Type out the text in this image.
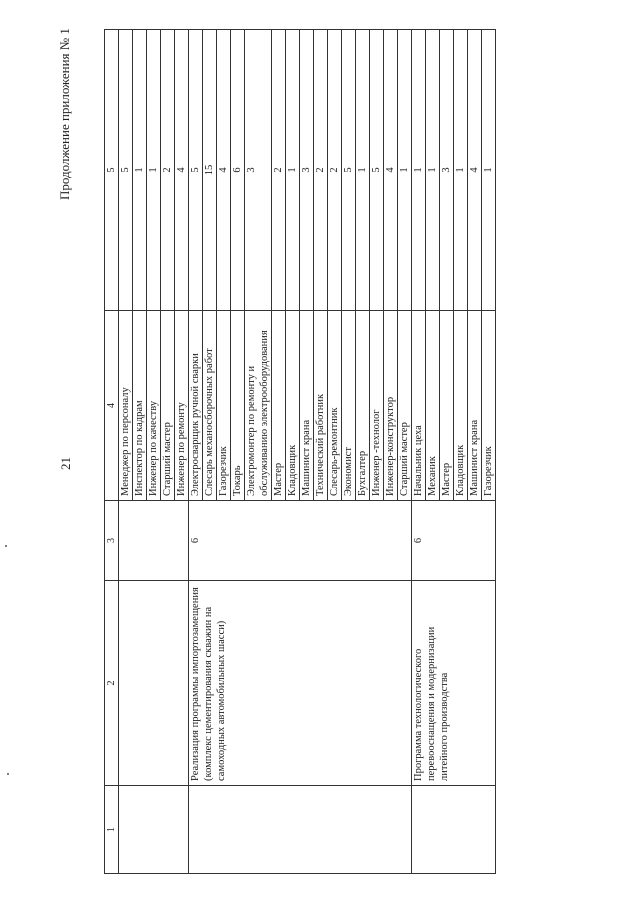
21
Продолжение приложения № 1
1	2	3	4	5
			Менеджер по персоналу	5
			Инспектор по кадрам	1
			Инженер по качеству	1
			Старший мастер	2
			Инженер по ремонту	4

	Реализация программы импортозамещения (комплекс цементирования скважин на самоходных автомобильных шасси)	6	Электросварщик ручной сварки	5
			Слесарь механосборочных работ	15
			Газорезчик	4
			Токарь	6
			Электромонтер по ремонту и обслуживанию электрооборудования	3
			Мастер	2
			Кладовщик	1
			Машинист крана	3
			Технический работник	2
			Слесарь-ремонтник	2
			Экономист	5
			Бухгалтер	1
			Инженер -технолог	5
			Инженер-конструктор	4
			Старший мастер	1

	Программа технологического перевооснащения и модернизации литейного производства	6	Начальник цеха	1
			Механик	1
			Мастер	3
			Кладовщик	1
			Машинист крана	4
			Газорезчик	1
